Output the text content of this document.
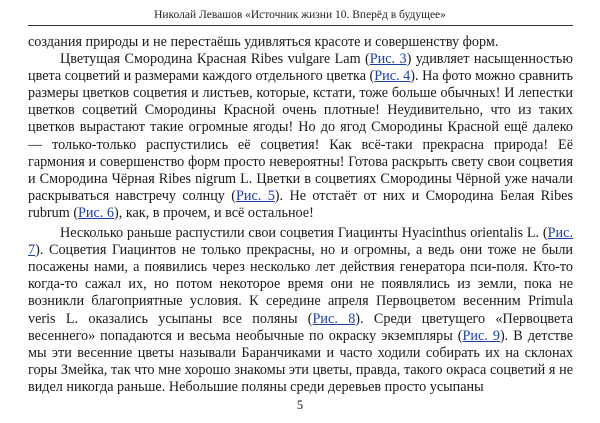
Николай Левашов «Источник жизни 10. Вперёд в будущее»

создания природы и не перестаёшь удивляться красоте и совершенству форм.

Цветущая Смородина Красная Ribes vulgare Lam (Рис. 3) удивляет насыщенностью цвета соцветий и размерами каждого отдельного цветка (Рис. 4). На фото можно сравнить размеры цветков соцветия и листьев, которые, кстати, тоже больше обычных! И лепестки цветков соцветий Смородины Красной очень плотные! Неудивительно, что из таких цветков вырастают такие огромные ягоды! Но до ягод Смородины Красной ещё далеко — только-только распустились её соцветия! Как всё-таки прекрасна природа! Её гармония и совершенство форм просто невероятны! Готова раскрыть свету свои соцветия и Смородина Чёрная Ribes nigrum L. Цветки в соцветиях Смородины Чёрной уже начали раскрываться навстречу солнцу (Рис. 5). Не отстаёт от них и Смородина Белая Ribes rubrum (Рис. 6), как, в прочем, и всё остальное!

Несколько раньше распустили свои соцветия Гиацинты Hyacinthus orientalis L. (Рис. 7). Соцветия Гиацинтов не только прекрасны, но и огромны, а ведь они тоже не были посажены нами, а появились через несколько лет действия генератора пси-поля. Кто-то когда-то сажал их, но потом некоторое время они не появлялись из земли, пока не возникли благоприятные условия. К середине апреля Первоцветом весенним Primula veris L. оказались усыпаны все поляны (Рис. 8). Среди цветущего «Первоцвета весеннего» попадаются и весьма необычные по окраску экземпляры (Рис. 9). В детстве мы эти весенние цветы называли Баранчиками и часто ходили собирать их на склонах горы Змейка, так что мне хорошо знакомы эти цветы, правда, такого окраса соцветий я не видел никогда раньше. Небольшие поляны среди деревьев просто усыпаны

5
